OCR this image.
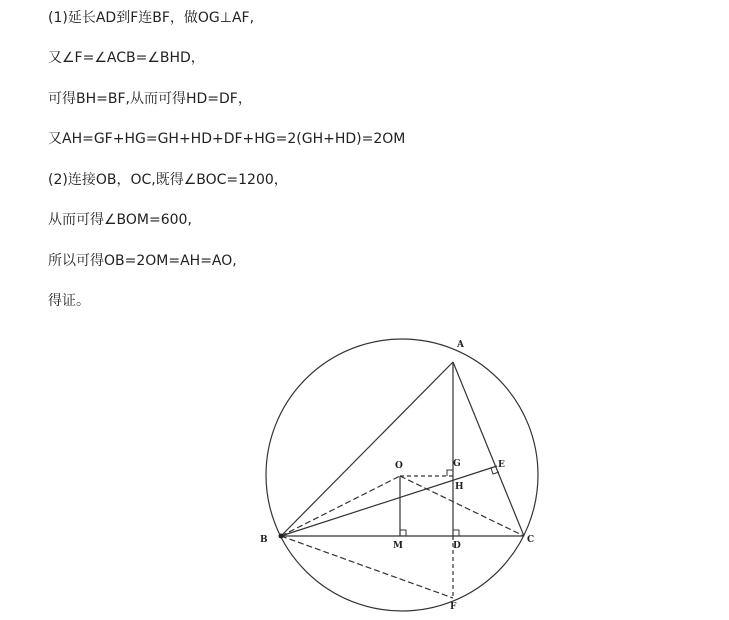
(1)延长AD到F连BF，做OG⊥AF,
又∠F=∠ACB=∠BHD，
可得BH=BF,从而可得HD=DF，
又AH=GF+HG=GH+HD+DF+HG=2(GH+HD)=2OM
(2)连接OB，OC,既得∠BOC=1200，
从而可得∠BOM=600,
所以可得OB=2OM=AH=AO,
得证。
A
B	C
D
E
F
G
H
M
O
